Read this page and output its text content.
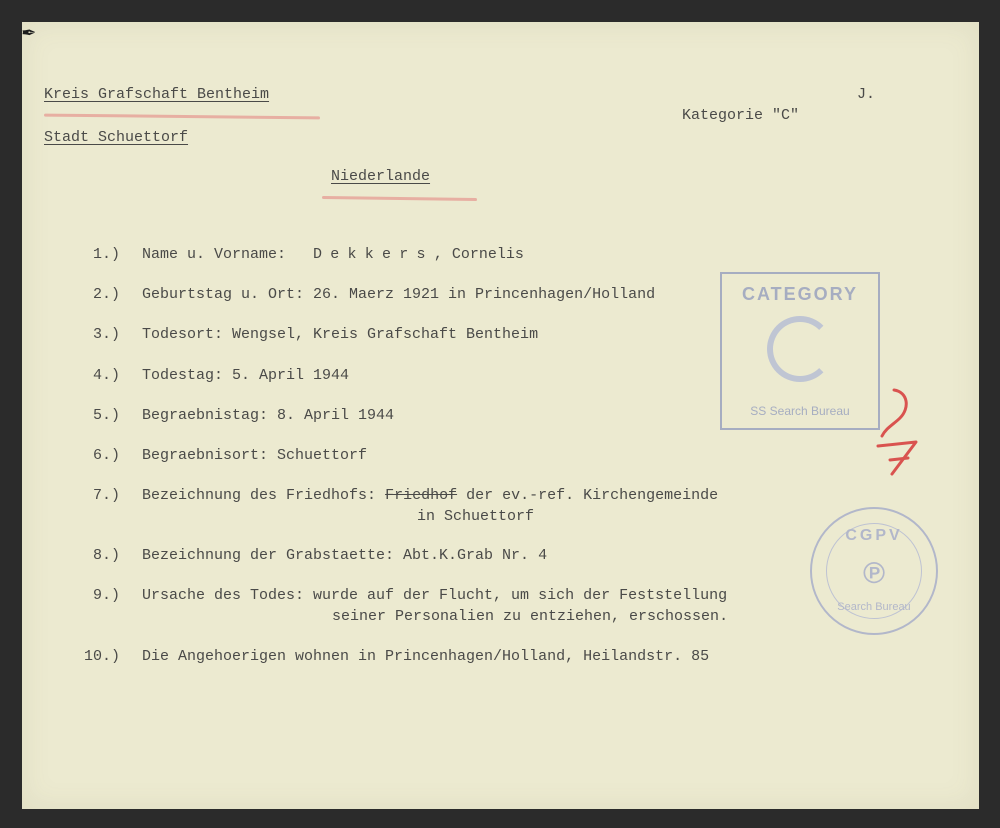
✒
Kreis Grafschaft Bentheim
Stadt Schuettorf
Kategorie "C"
J.
Niederlande
1.) Name u. Vorname: Dekkers, Cornelis
2.) Geburtstag u. Ort: 26. Maerz 1921 in Princenhagen/Holland
3.) Todesort: Wengsel, Kreis Grafschaft Bentheim
4.) Todestag: 5. April 1944
5.) Begraebnistag: 8. April 1944
6.) Begraebnisort: Schuettorf
7.) Bezeichnung des Friedhofs: Friedhof der ev.-ref. Kirchengemeinde
in Schuettorf
8.) Bezeichnung der Grabstaette: Abt.K.Grab Nr. 4
9.) Ursache des Todes: wurde auf der Flucht, um sich der Feststellung
seiner Personalien zu entziehen, erschossen.
10.) Die Angehoerigen wohnen in Princenhagen/Holland, Heilandstr. 85
CATEGORY
SS Search Bureau
CGPV
℗
Search Bureau
